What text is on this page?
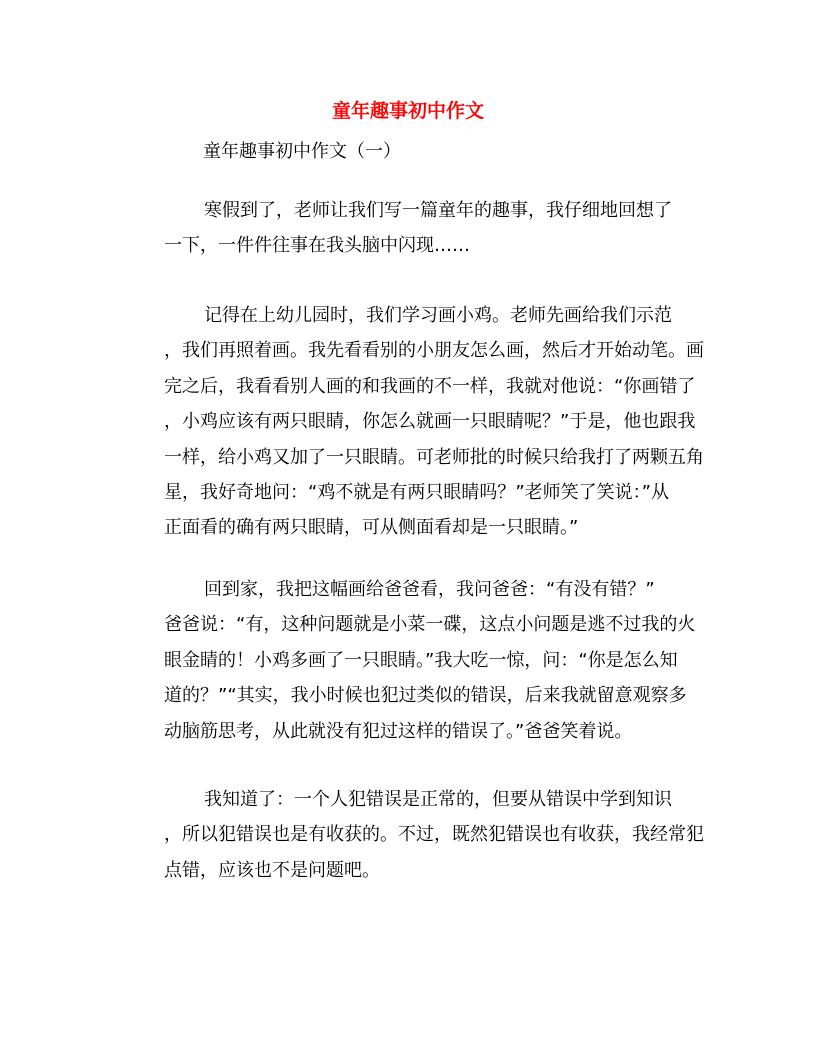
童年趣事初中作文

童年趣事初中作文（一）

寒假到了，老师让我们写一篇童年的趣事，我仔细地回想了
一下，一件件往事在我头脑中闪现……
记得在上幼儿园时，我们学习画小鸡。老师先画给我们示范
，我们再照着画。我先看看别的小朋友怎么画，然后才开始动笔。画
完之后，我看看别人画的和我画的不一样，我就对他说：“你画错了
，小鸡应该有两只眼睛，你怎么就画一只眼睛呢？”于是，他也跟我
一样，给小鸡又加了一只眼睛。可老师批的时候只给我打了两颗五角
星，我好奇地问：“鸡不就是有两只眼睛吗？”老师笑了笑说：”从
正面看的确有两只眼睛，可从侧面看却是一只眼睛。”
回到家，我把这幅画给爸爸看，我问爸爸：“有没有错？”
爸爸说：“有，这种问题就是小菜一碟，这点小问题是逃不过我的火
眼金睛的！小鸡多画了一只眼睛。”我大吃一惊，问：“你是怎么知
道的？”“其实，我小时候也犯过类似的错误，后来我就留意观察多
动脑筋思考，从此就没有犯过这样的错误了。”爸爸笑着说。
我知道了：一个人犯错误是正常的，但要从错误中学到知识
，所以犯错误也是有收获的。不过，既然犯错误也有收获，我经常犯
点错，应该也不是问题吧。
